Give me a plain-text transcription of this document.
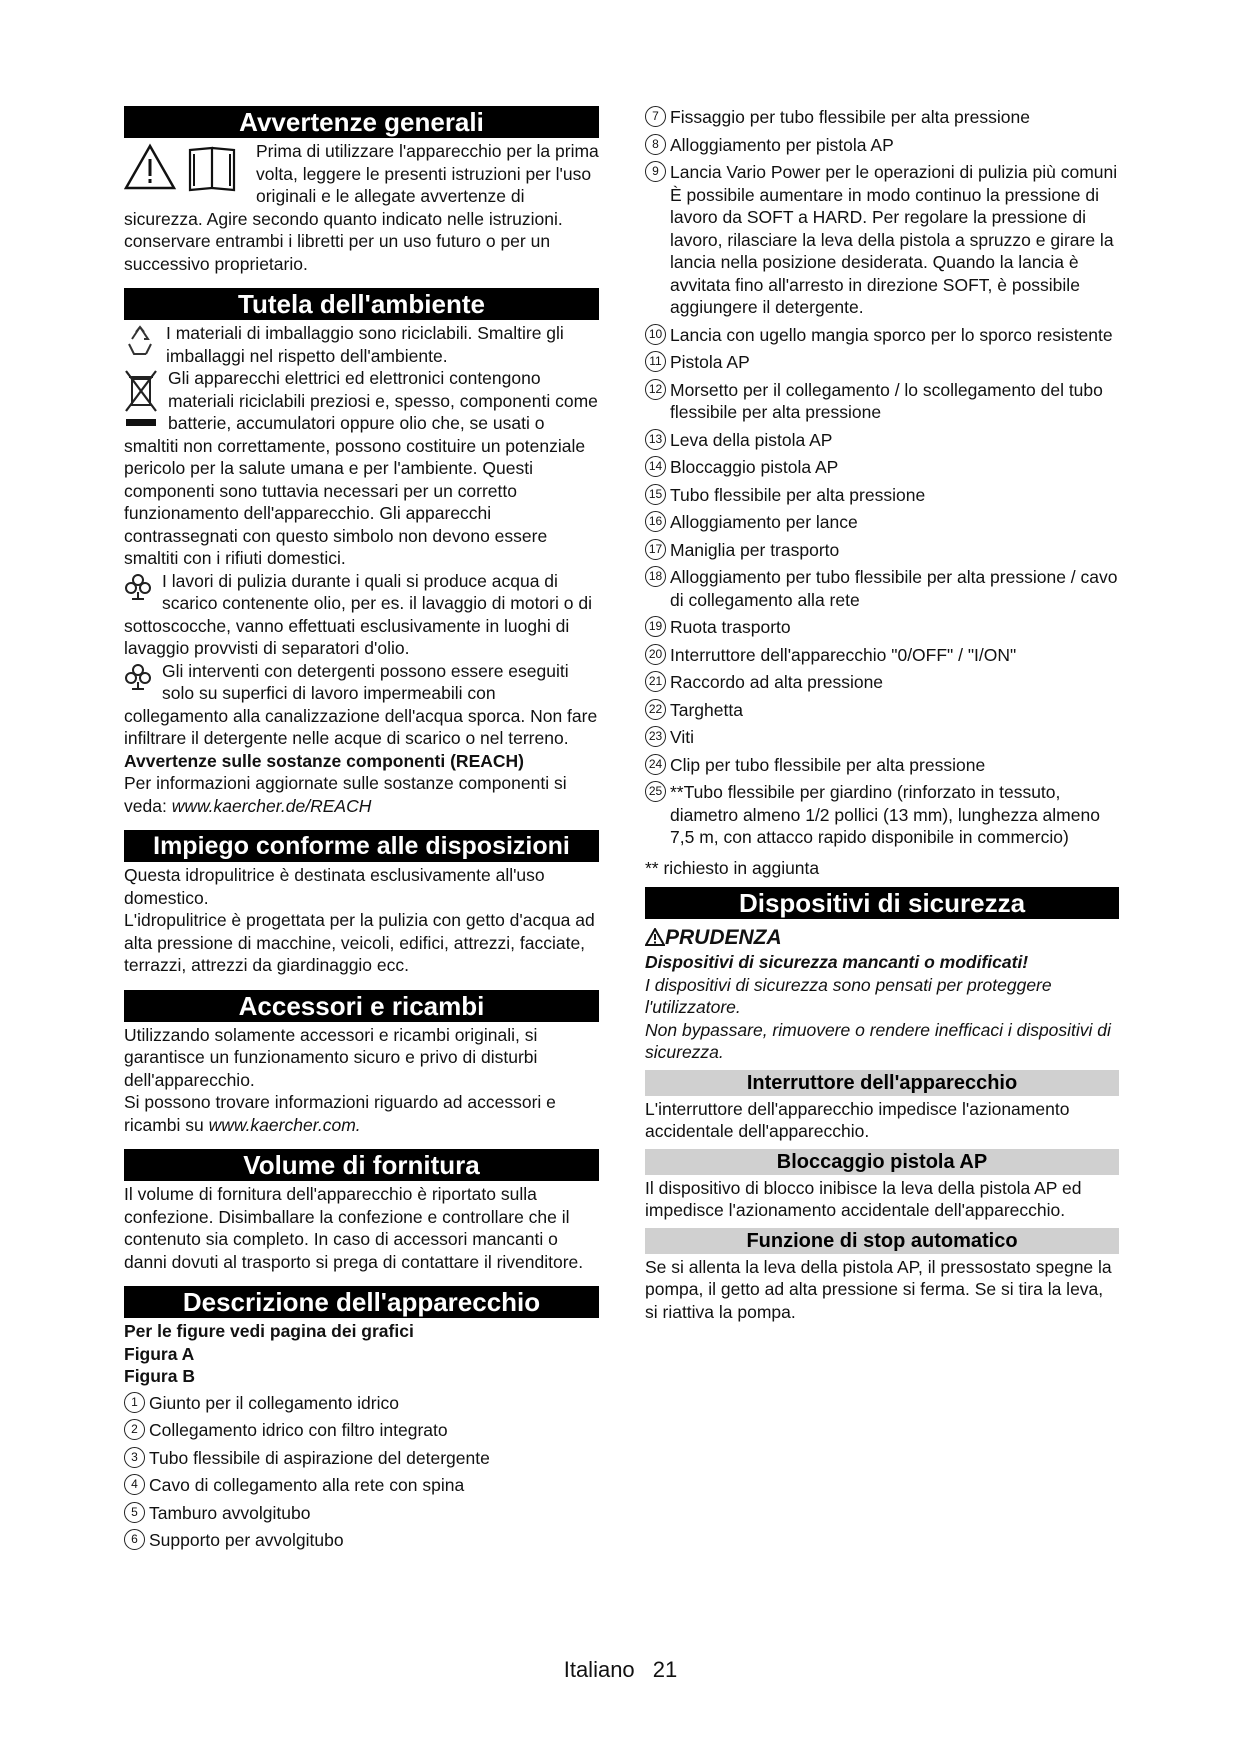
Avvertenze generali

Prima di utilizzare l'apparecchio per la prima volta, leggere le presenti istruzioni per l'uso originali e le allegate avvertenze di sicurezza. Agire secondo quanto indicato nelle istruzioni.

conservare entrambi i libretti per un uso futuro o per un successivo proprietario.

Tutela dell'ambiente

I materiali di imballaggio sono riciclabili. Smaltire gli imballaggi nel rispetto dell'ambiente.

Gli apparecchi elettrici ed elettronici contengono materiali riciclabili preziosi e, spesso, componenti come batterie, accumulatori oppure olio che, se usati o smaltiti non correttamente, possono costituire un potenziale pericolo per la salute umana e per l'ambiente. Questi componenti sono tuttavia necessari per un corretto funzionamento dell'apparecchio. Gli apparecchi contrassegnati con questo simbolo non devono essere smaltiti con i rifiuti domestici.

I lavori di pulizia durante i quali si produce acqua di scarico contenente olio, per es. il lavaggio di motori o di sottoscocche, vanno effettuati esclusivamente in luoghi di lavaggio provvisti di separatori d'olio.

Gli interventi con detergenti possono essere eseguiti solo su superfici di lavoro impermeabili con collegamento alla canalizzazione dell'acqua sporca. Non fare infiltrare il detergente nelle acque di scarico o nel terreno.

Avvertenze sulle sostanze componenti (REACH)

Per informazioni aggiornate sulle sostanze componenti si veda: www.kaercher.de/REACH

Impiego conforme alle disposizioni

Questa idropulitrice è destinata esclusivamente all'uso domestico.

L'idropulitrice è progettata per la pulizia con getto d'acqua ad alta pressione di macchine, veicoli, edifici, attrezzi, facciate, terrazzi, attrezzi da giardinaggio ecc.

Accessori e ricambi

Utilizzando solamente accessori e ricambi originali, si garantisce un funzionamento sicuro e privo di disturbi dell'apparecchio.

Si possono trovare informazioni riguardo ad accessori e ricambi su www.kaercher.com.

Volume di fornitura

Il volume di fornitura dell'apparecchio è riportato sulla confezione. Disimballare la confezione e controllare che il contenuto sia completo. In caso di accessori mancanti o danni dovuti al trasporto si prega di contattare il rivenditore.

Descrizione dell'apparecchio

Per le figure vedi pagina dei grafici

Figura A

Figura B

1 Giunto per il collegamento idrico
2 Collegamento idrico con filtro integrato
3 Tubo flessibile di aspirazione del detergente
4 Cavo di collegamento alla rete con spina
5 Tamburo avvolgitubo
6 Supporto per avvolgitubo
7 Fissaggio per tubo flessibile per alta pressione
8 Alloggiamento per pistola AP
9 Lancia Vario Power per le operazioni di pulizia più comuni

È possibile aumentare in modo continuo la pressione di lavoro da SOFT a HARD. Per regolare la pressione di lavoro, rilasciare la leva della pistola a spruzzo e girare la lancia nella posizione desiderata. Quando la lancia è avvitata fino all'arresto in direzione SOFT, è possibile aggiungere il detergente.

10 Lancia con ugello mangia sporco per lo sporco resistente
11 Pistola AP
12 Morsetto per il collegamento / lo scollegamento del tubo flessibile per alta pressione
13 Leva della pistola AP
14 Bloccaggio pistola AP
15 Tubo flessibile per alta pressione
16 Alloggiamento per lance
17 Maniglia per trasporto
18 Alloggiamento per tubo flessibile per alta pressione / cavo di collegamento alla rete
19 Ruota trasporto
20 Interruttore dell'apparecchio "0/OFF" / "I/ON"
21 Raccordo ad alta pressione
22 Targhetta
23 Viti
24 Clip per tubo flessibile per alta pressione
25 **Tubo flessibile per giardino (rinforzato in tessuto, diametro almeno 1/2 pollici (13 mm), lunghezza almeno 7,5 m, con attacco rapido disponibile in commercio)

** richiesto in aggiunta

Dispositivi di sicurezza
PRUDENZA

Dispositivi di sicurezza mancanti o modificati!

I dispositivi di sicurezza sono pensati per proteggere l'utilizzatore.

Non bypassare, rimuovere o rendere inefficaci i dispositivi di sicurezza.

Interruttore dell'apparecchio

L'interruttore dell'apparecchio impedisce l'azionamento accidentale dell'apparecchio.

Bloccaggio pistola AP

Il dispositivo di blocco inibisce la leva della pistola AP ed impedisce l'azionamento accidentale dell'apparecchio.

Funzione di stop automatico

Se si allenta la leva della pistola AP, il pressostato spegne la pompa, il getto ad alta pressione si ferma. Se si tira la leva, si riattiva la pompa.

Italiano 21
